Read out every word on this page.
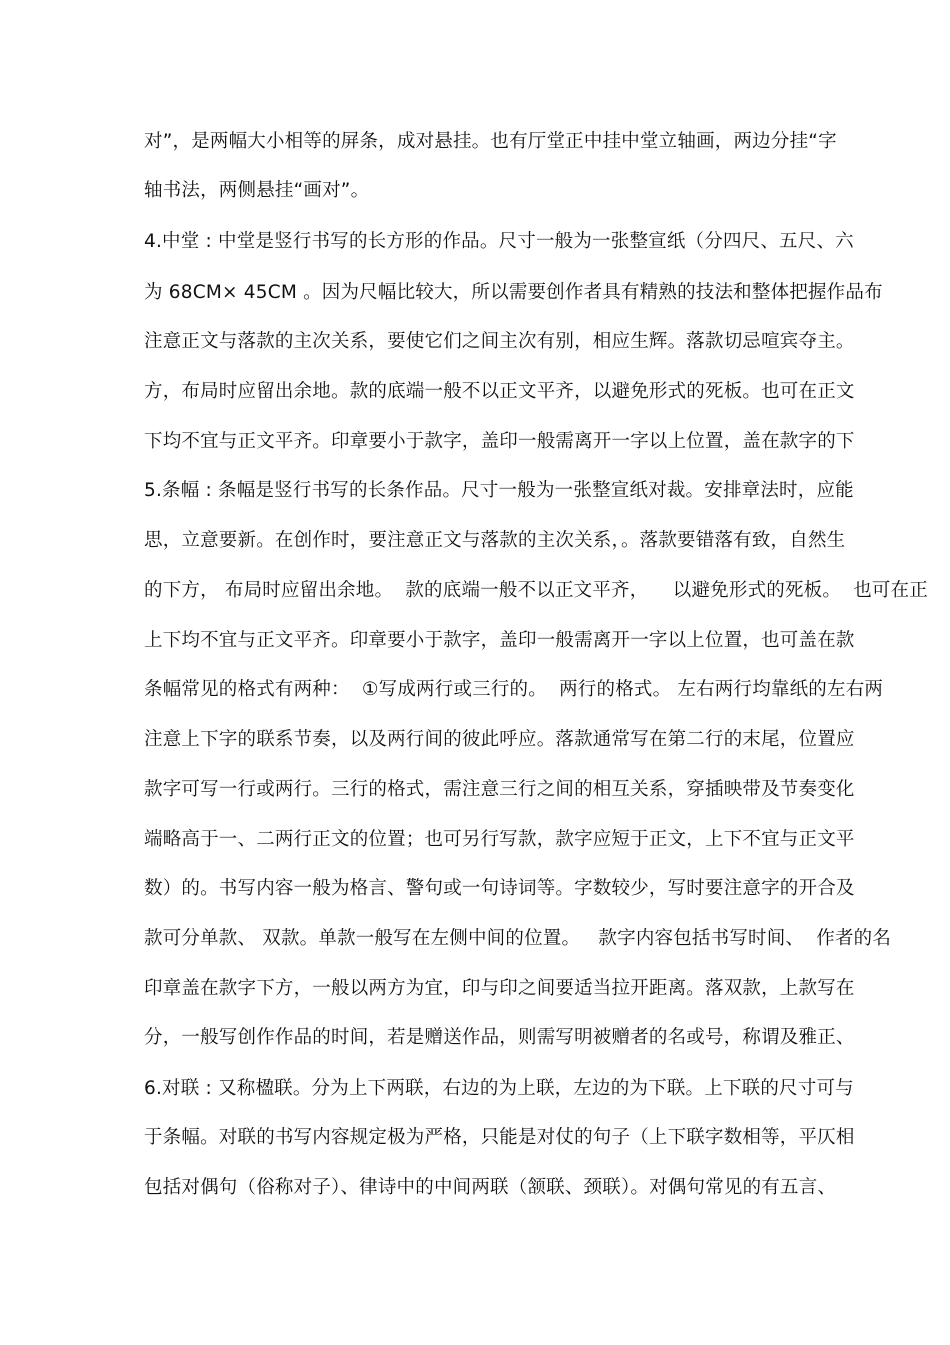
对”，是两幅大小相等的屏条，成对悬挂。也有厅堂正中挂中堂立轴画，两边分挂“字
轴书法，两侧悬挂“画对”。
4.中堂 : 中堂是竖行书写的长方形的作品。尺寸一般为一张整宣纸（分四尺、五尺、六
为 68CM× 45CM 。因为尺幅比较大，所以需要创作者具有精熟的技法和整体把握作品布
注意正文与落款的主次关系，要使它们之间主次有别，相应生辉。落款切忌喧宾夺主。
方，布局时应留出余地。款的底端一般不以正文平齐，以避免形式的死板。也可在正文
下均不宜与正文平齐。印章要小于款字，盖印一般需离开一字以上位置，盖在款字的下
5.条幅 : 条幅是竖行书写的长条作品。尺寸一般为一张整宣纸对裁。安排章法时，应能
思，立意要新。在创作时，要注意正文与落款的主次关系，。落款要错落有致，自然生
的下方， 布局时应留出余地。  款的底端一般不以正文平齐，    以避免形式的死板。  也可在正
上下均不宜与正文平齐。印章要小于款字，盖印一般需离开一字以上位置，也可盖在款
条幅常见的格式有两种：  ①写成两行或三行的。  两行的格式。 左右两行均靠纸的左右两
注意上下字的联系节奏，以及两行间的彼此呼应。落款通常写在第二行的末尾，位置应
款字可写一行或两行。三行的格式，需注意三行之间的相互关系，穿插映带及节奏变化
端略高于一、二两行正文的位置；也可另行写款，款字应短于正文，上下不宜与正文平
数）的。书写内容一般为格言、警句或一句诗词等。字数较少，写时要注意字的开合及
款可分单款、 双款。单款一般写在左侧中间的位置。   款字内容包括书写时间、  作者的名
印章盖在款字下方，一般以两方为宜，印与印之间要适当拉开距离。落双款，上款写在
分，一般写创作作品的时间，若是赠送作品，则需写明被赠者的名或号，称谓及雅正、
6.对联 : 又称楹联。分为上下两联，右边的为上联，左边的为下联。上下联的尺寸可与
于条幅。对联的书写内容规定极为严格，只能是对仗的句子（上下联字数相等，平仄相
包括对偶句（俗称对子）、律诗中的中间两联（颔联、颈联）。对偶句常见的有五言、
